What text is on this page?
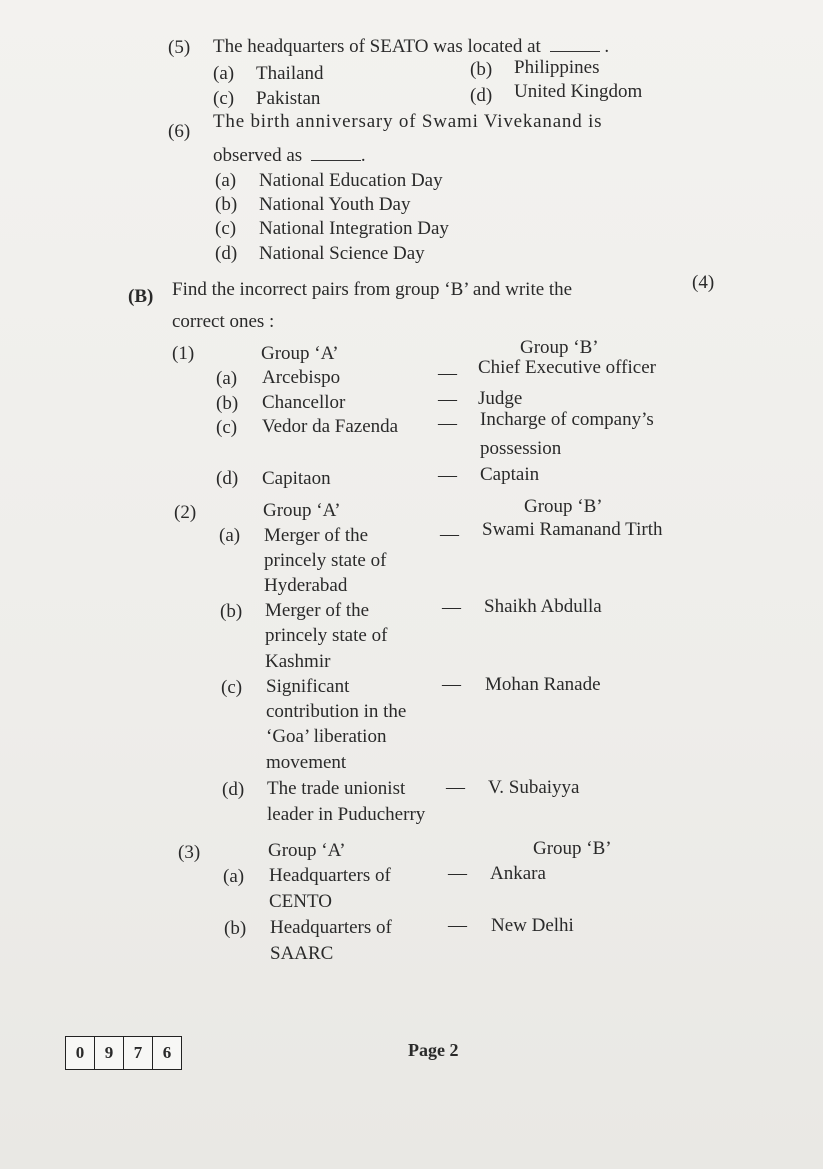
(5) The headquarters of SEATO was located at	.
(a) Thailand	(b) Philippines
(c) Pakistan	(d) United Kingdom
(6) The birth anniversary of Swami Vivekanand is
observed as	.
(a) National Education Day
(b) National Youth Day
(c) National Integration Day
(d) National Science Day
(B) Find the incorrect pairs from group ‘B’ and write the
correct ones :
(4)
(1)	Group ‘A’	Group ‘B’
(a) Arcebispo	— Chief Executive officer
(b) Chancellor	— Judge
(c) Vedor da Fazenda — Incharge of company’s
possession
(d) Capitaon	— Captain
(2)	Group ‘A’	Group ‘B’
(a) Merger of the
princely state of
Hyderabad
— Swami Ramanand Tirth
(b) Merger of the
princely state of
Kashmir
— Shaikh Abdulla
(c) Significant
contribution in the
‘Goa’ liberation
movement
— Mohan Ranade
(d) The trade unionist
leader in Puducherry
— V. Subaiyya
(3)	Group ‘A’	Group ‘B’
(a) Headquarters of
CENTO
— Ankara
(b) Headquarters of
SAARC
— New Delhi
0	9	7	6	Page 2
